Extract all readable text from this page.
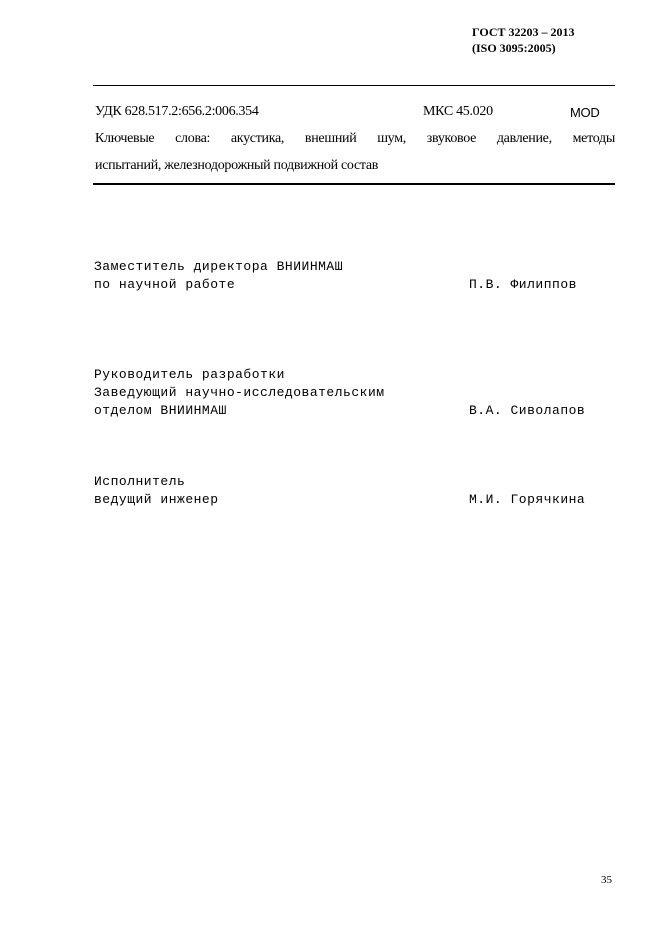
ГОСТ 32203 – 2013
(ISO 3095:2005)
УДК 628.517.2:656.2:006.354	МКС 45.020	MOD
Ключевые слова: акустика, внешний шум, звуковое давление, методы
испытаний, железнодорожный подвижной состав
Заместитель директора ВНИИНМАШ
по научной работе	П.В. Филиппов
Руководитель разработки
Заведующий научно-исследовательским
отделом ВНИИНМАШ	В.А. Сиволапов
Исполнитель
ведущий инженер	М.И. Горячкина
35
